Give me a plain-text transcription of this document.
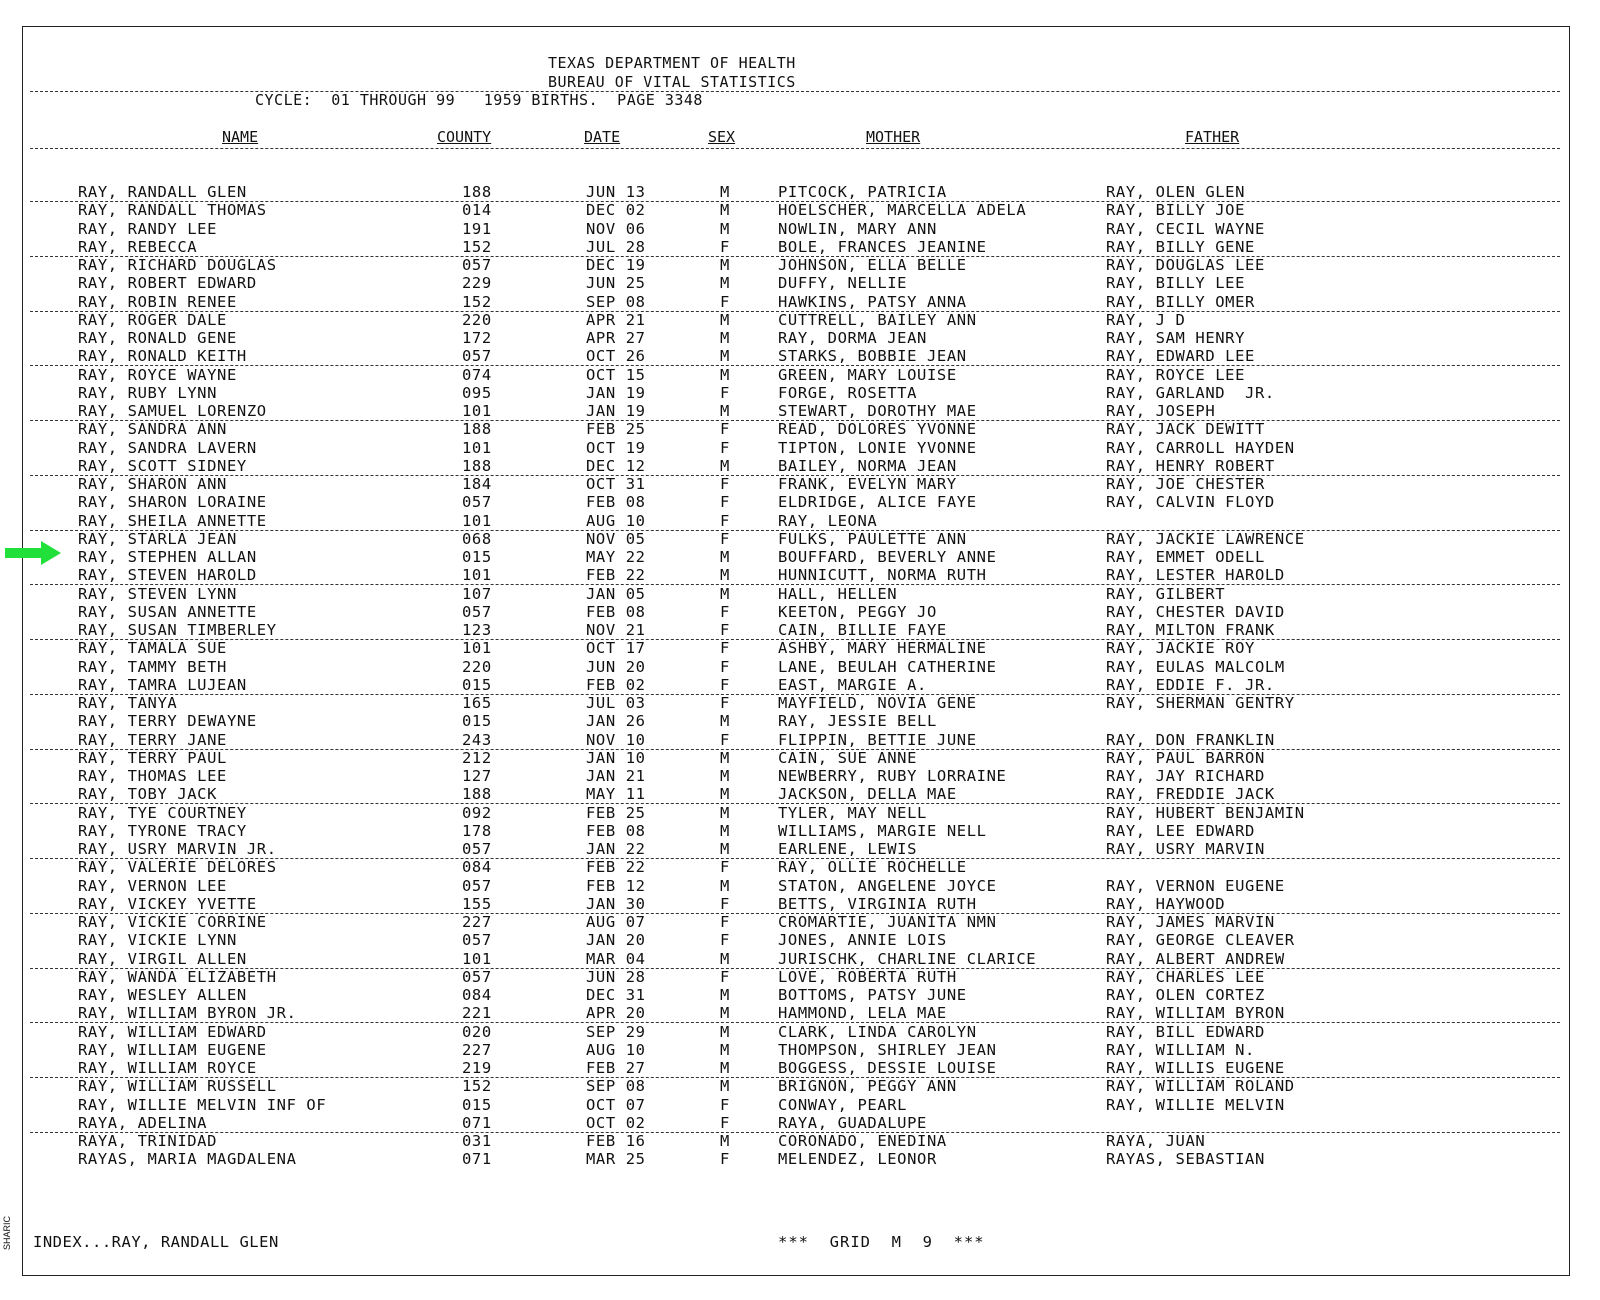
TEXAS DEPARTMENT OF HEALTH
BUREAU OF VITAL STATISTICS
CYCLE:  01 THROUGH 99   1959 BIRTHS.  PAGE 3348
NAME	COUNTY	DATE	SEX	MOTHER	FATHER
RAY, RANDALL GLEN	188	JUN 13	M	PITCOCK, PATRICIA	RAY, OLEN GLEN
RAY, RANDALL THOMAS	014	DEC 02	M	HOELSCHER, MARCELLA ADELA	RAY, BILLY JOE
RAY, RANDY LEE	191	NOV 06	M	NOWLIN, MARY ANN	RAY, CECIL WAYNE
RAY, REBECCA	152	JUL 28	F	BOLE, FRANCES JEANINE	RAY, BILLY GENE
RAY, RICHARD DOUGLAS	057	DEC 19	M	JOHNSON, ELLA BELLE	RAY, DOUGLAS LEE
RAY, ROBERT EDWARD	229	JUN 25	M	DUFFY, NELLIE	RAY, BILLY LEE
RAY, ROBIN RENEE	152	SEP 08	F	HAWKINS, PATSY ANNA	RAY, BILLY OMER
RAY, ROGER DALE	220	APR 21	M	CUTTRELL, BAILEY ANN	RAY, J D
RAY, RONALD GENE	172	APR 27	M	RAY, DORMA JEAN	RAY, SAM HENRY
RAY, RONALD KEITH	057	OCT 26	M	STARKS, BOBBIE JEAN	RAY, EDWARD LEE
RAY, ROYCE WAYNE	074	OCT 15	M	GREEN, MARY LOUISE	RAY, ROYCE LEE
RAY, RUBY LYNN	095	JAN 19	F	FORGE, ROSETTA	RAY, GARLAND  JR.
RAY, SAMUEL LORENZO	101	JAN 19	M	STEWART, DOROTHY MAE	RAY, JOSEPH
RAY, SANDRA ANN	188	FEB 25	F	READ, DOLORES YVONNE	RAY, JACK DEWITT
RAY, SANDRA LAVERN	101	OCT 19	F	TIPTON, LONIE YVONNE	RAY, CARROLL HAYDEN
RAY, SCOTT SIDNEY	188	DEC 12	M	BAILEY, NORMA JEAN	RAY, HENRY ROBERT
RAY, SHARON ANN	184	OCT 31	F	FRANK, EVELYN MARY	RAY, JOE CHESTER
RAY, SHARON LORAINE	057	FEB 08	F	ELDRIDGE, ALICE FAYE	RAY, CALVIN FLOYD
RAY, SHEILA ANNETTE	101	AUG 10	F	RAY, LEONA
RAY, STARLA JEAN	068	NOV 05	F	FULKS, PAULETTE ANN	RAY, JACKIE LAWRENCE
RAY, STEPHEN ALLAN	015	MAY 22	M	BOUFFARD, BEVERLY ANNE	RAY, EMMET ODELL
RAY, STEVEN HAROLD	101	FEB 22	M	HUNNICUTT, NORMA RUTH	RAY, LESTER HAROLD
RAY, STEVEN LYNN	107	JAN 05	M	HALL, HELLEN	RAY, GILBERT
RAY, SUSAN ANNETTE	057	FEB 08	F	KEETON, PEGGY JO	RAY, CHESTER DAVID
RAY, SUSAN TIMBERLEY	123	NOV 21	F	CAIN, BILLIE FAYE	RAY, MILTON FRANK
RAY, TAMALA SUE	101	OCT 17	F	ASHBY, MARY HERMALINE	RAY, JACKIE ROY
RAY, TAMMY BETH	220	JUN 20	F	LANE, BEULAH CATHERINE	RAY, EULAS MALCOLM
RAY, TAMRA LUJEAN	015	FEB 02	F	EAST, MARGIE A.	RAY, EDDIE F. JR.
RAY, TANYA	165	JUL 03	F	MAYFIELD, NOVIA GENE	RAY, SHERMAN GENTRY
RAY, TERRY DEWAYNE	015	JAN 26	M	RAY, JESSIE BELL
RAY, TERRY JANE	243	NOV 10	F	FLIPPIN, BETTIE JUNE	RAY, DON FRANKLIN
RAY, TERRY PAUL	212	JAN 10	M	CAIN, SUE ANNE	RAY, PAUL BARRON
RAY, THOMAS LEE	127	JAN 21	M	NEWBERRY, RUBY LORRAINE	RAY, JAY RICHARD
RAY, TOBY JACK	188	MAY 11	M	JACKSON, DELLA MAE	RAY, FREDDIE JACK
RAY, TYE COURTNEY	092	FEB 25	M	TYLER, MAY NELL	RAY, HUBERT BENJAMIN
RAY, TYRONE TRACY	178	FEB 08	M	WILLIAMS, MARGIE NELL	RAY, LEE EDWARD
RAY, USRY MARVIN JR.	057	JAN 22	M	EARLENE, LEWIS	RAY, USRY MARVIN
RAY, VALERIE DELORES	084	FEB 22	F	RAY, OLLIE ROCHELLE
RAY, VERNON LEE	057	FEB 12	M	STATON, ANGELENE JOYCE	RAY, VERNON EUGENE
RAY, VICKEY YVETTE	155	JAN 30	F	BETTS, VIRGINIA RUTH	RAY, HAYWOOD
RAY, VICKIE CORRINE	227	AUG 07	F	CROMARTIE, JUANITA NMN	RAY, JAMES MARVIN
RAY, VICKIE LYNN	057	JAN 20	F	JONES, ANNIE LOIS	RAY, GEORGE CLEAVER
RAY, VIRGIL ALLEN	101	MAR 04	M	JURISCHK, CHARLINE CLARICE	RAY, ALBERT ANDREW
RAY, WANDA ELIZABETH	057	JUN 28	F	LOVE, ROBERTA RUTH	RAY, CHARLES LEE
RAY, WESLEY ALLEN	084	DEC 31	M	BOTTOMS, PATSY JUNE	RAY, OLEN CORTEZ
RAY, WILLIAM BYRON JR.	221	APR 20	M	HAMMOND, LELA MAE	RAY, WILLIAM BYRON
RAY, WILLIAM EDWARD	020	SEP 29	M	CLARK, LINDA CAROLYN	RAY, BILL EDWARD
RAY, WILLIAM EUGENE	227	AUG 10	M	THOMPSON, SHIRLEY JEAN	RAY, WILLIAM N.
RAY, WILLIAM ROYCE	219	FEB 27	M	BOGGESS, DESSIE LOUISE	RAY, WILLIS EUGENE
RAY, WILLIAM RUSSELL	152	SEP 08	M	BRIGNON, PEGGY ANN	RAY, WILLIAM ROLAND
RAY, WILLIE MELVIN INF OF	015	OCT 07	F	CONWAY, PEARL	RAY, WILLIE MELVIN
RAYA, ADELINA	071	OCT 02	F	RAYA, GUADALUPE
RAYA, TRINIDAD	031	FEB 16	M	CORONADO, ENEDINA	RAYA, JUAN
RAYAS, MARIA MAGDALENA	071	MAR 25	F	MELENDEZ, LEONOR	RAYAS, SEBASTIAN
INDEX...RAY, RANDALL GLEN	***  GRID  M  9  ***
SHARIC
